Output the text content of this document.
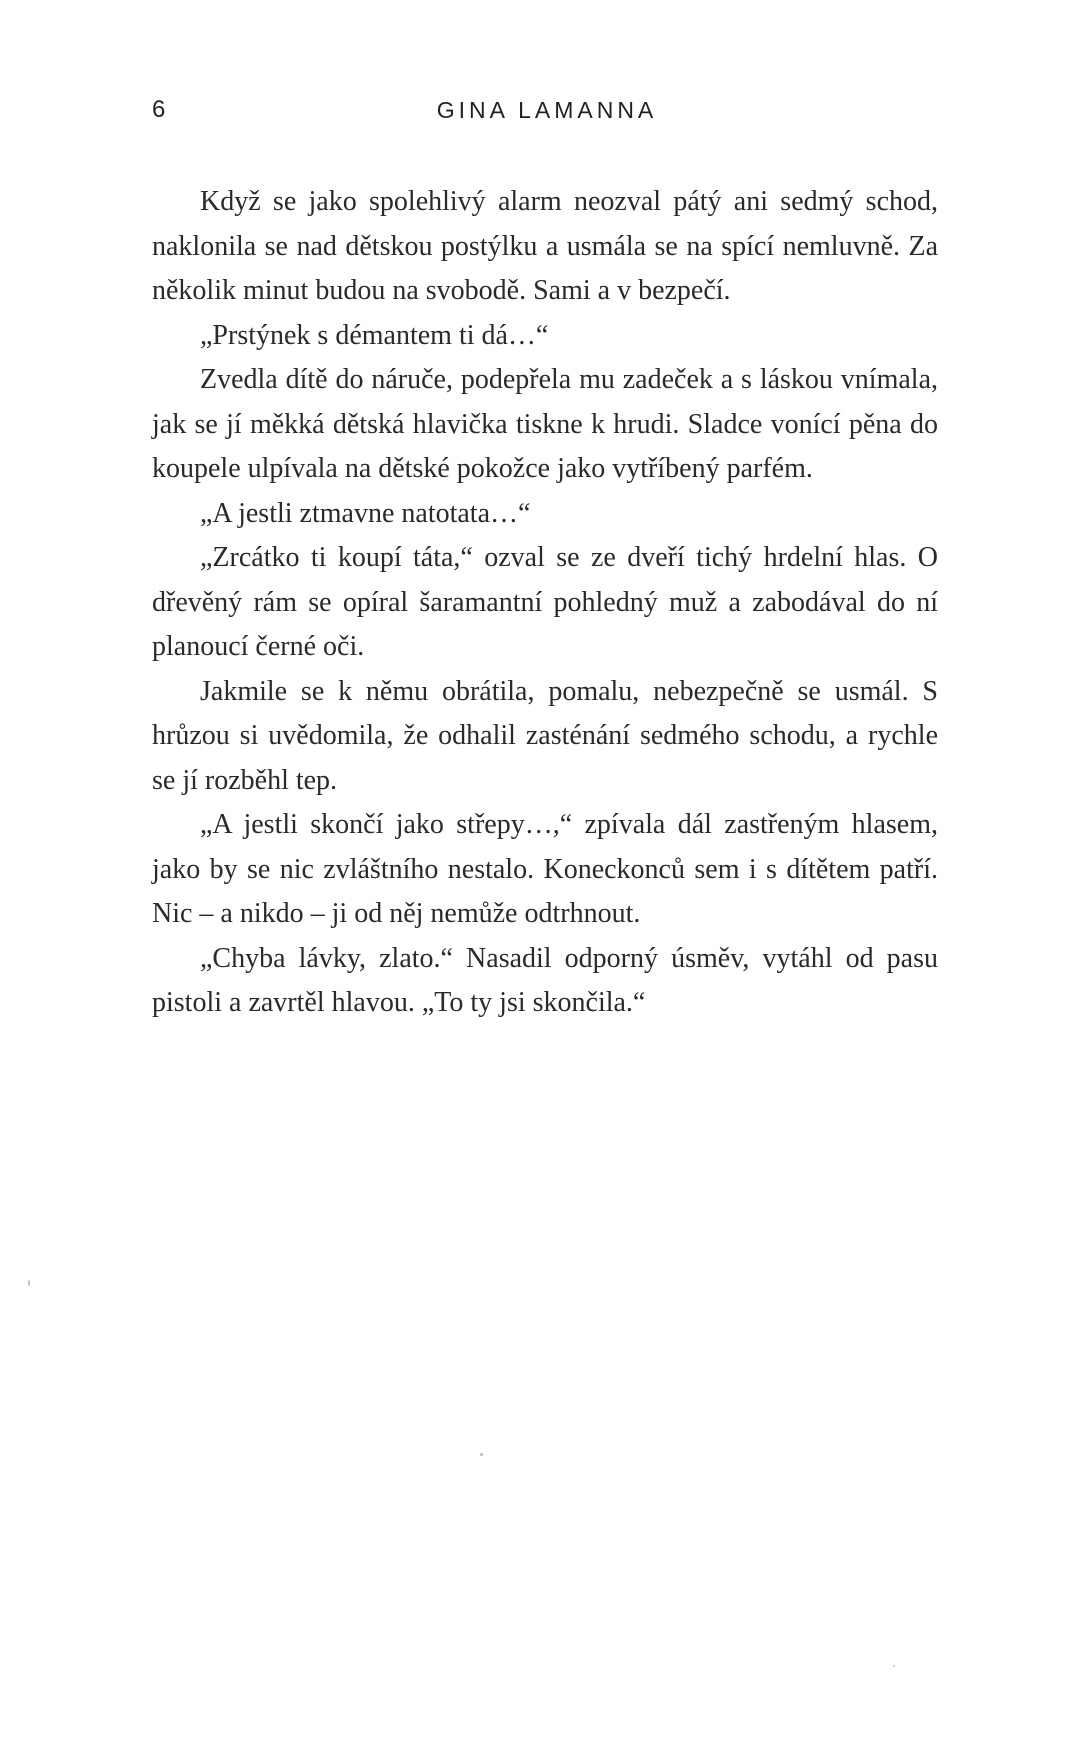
6	GINA LAMANNA

Když se jako spolehlivý alarm neozval pátý ani sedmý schod, naklonila se nad dětskou postýlku a usmála se na spící nemluvně. Za několik minut budou na svobodě. Sami a v bezpečí.

„Prstýnek s démantem ti dá…“

Zvedla dítě do náruče, podepřela mu zadeček a s láskou vnímala, jak se jí měkká dětská hlavička tiskne k hrudi. Sladce vonící pěna do koupele ulpívala na dětské pokožce jako vytříbený parfém.

„A jestli ztmavne natotata…“

„Zrcátko ti koupí táta,“ ozval se ze dveří tichý hrdelní hlas. O dřevěný rám se opíral šaramantní pohledný muž a zabodával do ní planoucí černé oči.

Jakmile se k němu obrátila, pomalu, nebezpečně se usmál. S hrůzou si uvědomila, že odhalil zasténání sedmého schodu, a rychle se jí rozběhl tep.

„A jestli skončí jako střepy…,“ zpívala dál zastřeným hlasem, jako by se nic zvláštního nestalo. Koneckonců sem i s dítětem patří. Nic – a nikdo – ji od něj nemůže odtrhnout.

„Chyba lávky, zlato.“ Nasadil odporný úsměv, vytáhl od pasu pistoli a zavrtěl hlavou. „To ty jsi skončila.“
